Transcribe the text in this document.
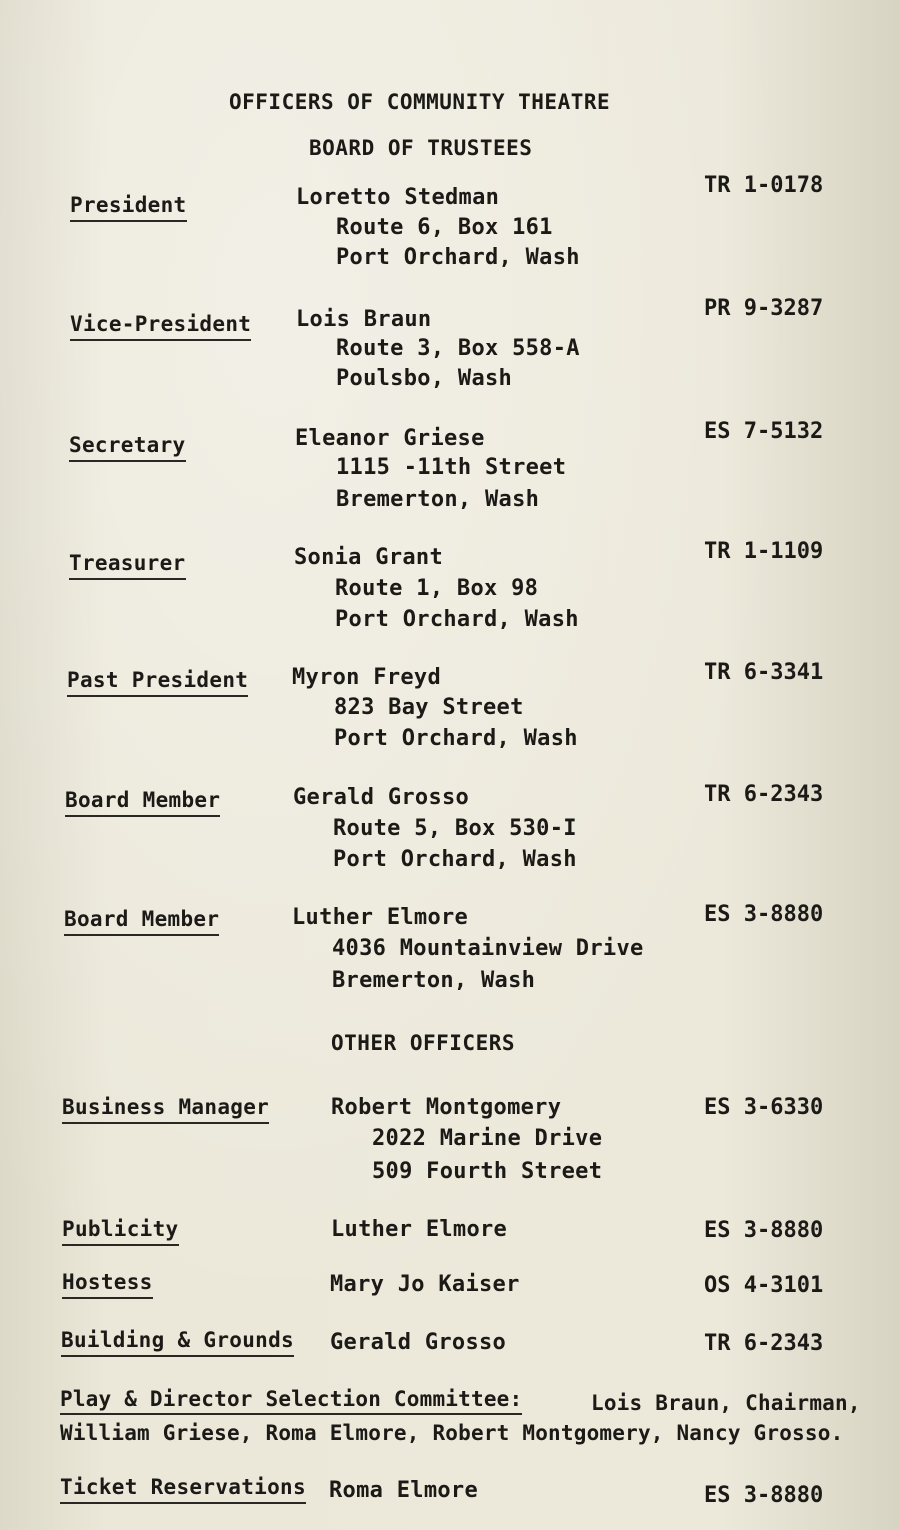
OFFICERS OF COMMUNITY THEATRE
BOARD OF TRUSTEES
President	Loretto Stedman
Route 6, Box 161
Port Orchard, Wash
TR 1-0178
Vice-President Lois Braun
Route 3, Box 558-A
Poulsbo, Wash
PR 9-3287
Secretary	Eleanor Griese
1115 -11th Street
Bremerton, Wash
ES 7-5132
Treasurer	Sonia Grant
Route 1, Box 98
Port Orchard, Wash
TR 1-1109
Past President Myron Freyd
823 Bay Street
Port Orchard, Wash
TR 6-3341
Board Member	Gerald Grosso
Route 5, Box 530-I
Port Orchard, Wash
TR 6-2343
Board Member	Luther Elmore
4036 Mountainview Drive
Bremerton, Wash
ES 3-8880
OTHER OFFICERS
Business Manager	Robert Montgomery
2022 Marine Drive
509 Fourth Street
ES 3-6330
Publicity	Luther Elmore	ES 3-8880
Hostess	Mary Jo Kaiser	OS 4-3101
Building & Grounds Gerald Grosso	TR 6-2343
Play & Director Selection Committee:	Lois Braun, Chairman,
William Griese, Roma Elmore, Robert Montgomery, Nancy Grosso.
Ticket Reservations Roma Elmore	ES 3-8880
